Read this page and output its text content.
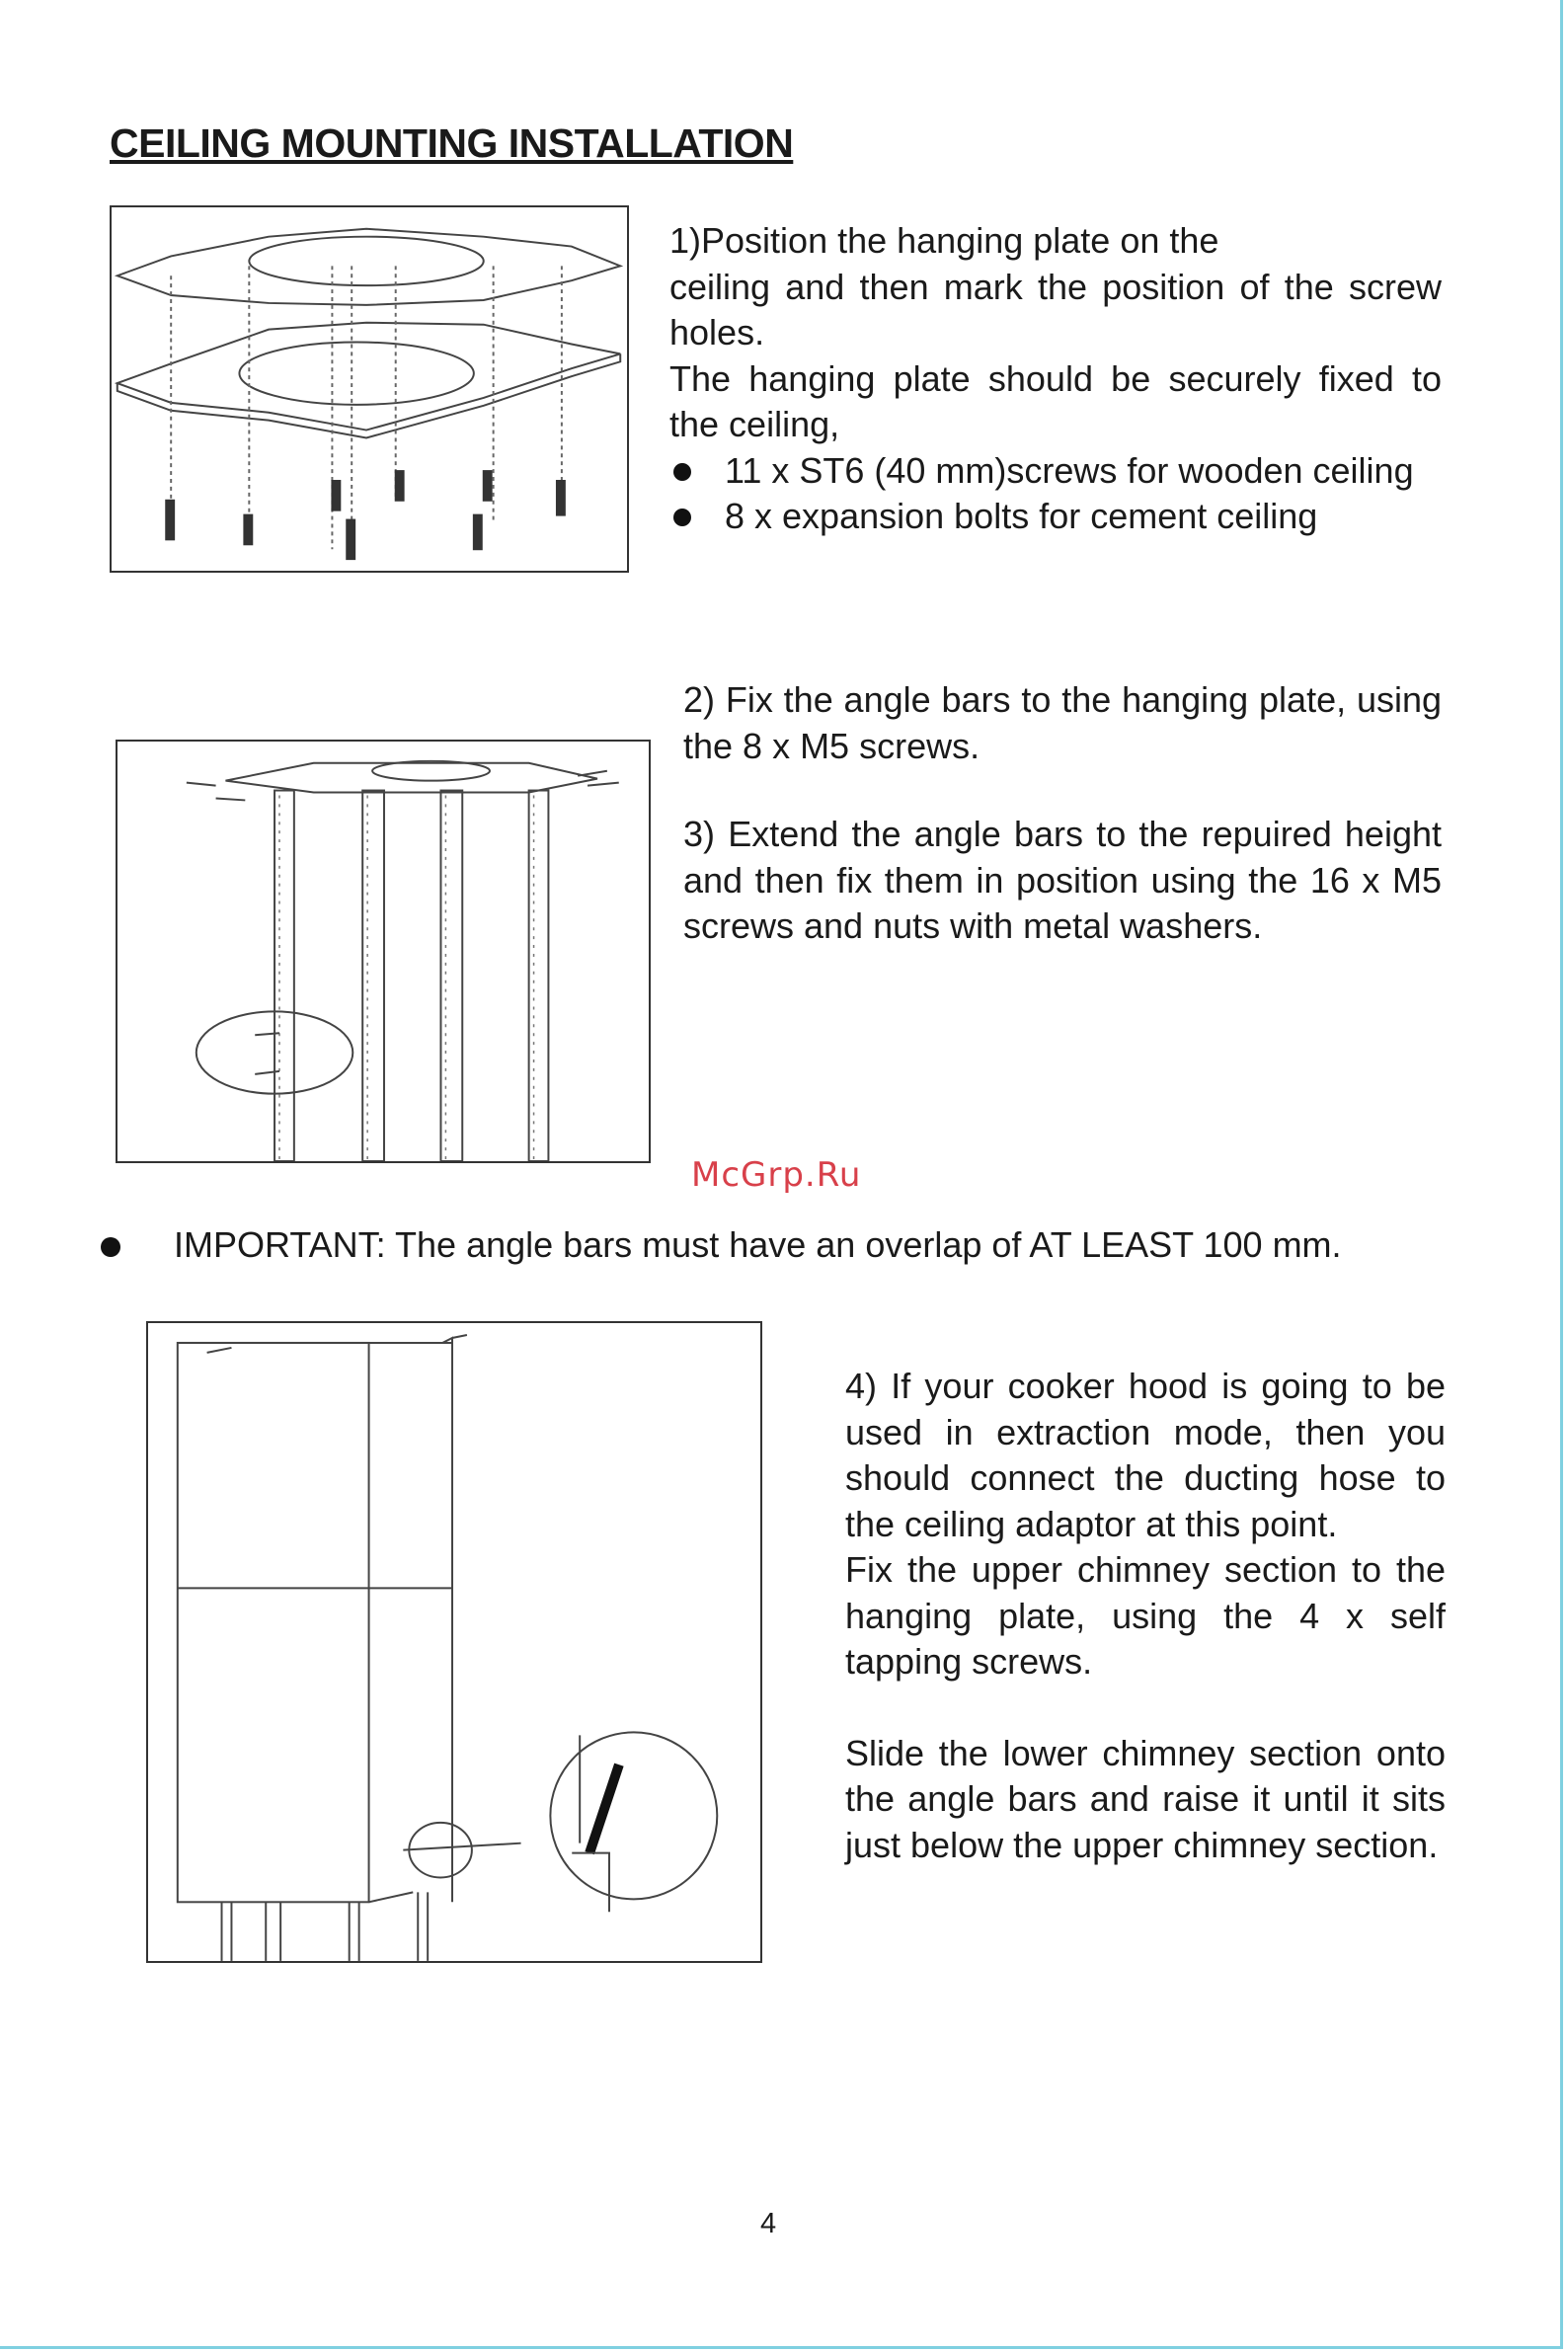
CEILING MOUNTING INSTALLATION

1)Position the hanging plate on the

ceiling and then mark the position of the screw holes.

The hanging plate should be securely fixed to the ceiling,

11 x ST6 (40 mm)screws for wooden ceiling
8 x expansion bolts for cement ceiling
2) Fix the angle bars to the hanging plate, using the 8 x M5 screws.
3) Extend the angle bars to the repuired height and then fix them in position using the 16 x M5 screws and nuts with metal washers.
McGrp.Ru
IMPORTANT: The angle bars must have an overlap of AT LEAST 100 mm.

4) If your cooker hood is going to be used in extraction mode, then you should connect the ducting hose to the ceiling adaptor at this point.

Fix the upper chimney section to the hanging plate, using the 4 x self tapping screws.

Slide the lower chimney section onto the angle bars and raise it until it sits just below the upper chimney section.

4
